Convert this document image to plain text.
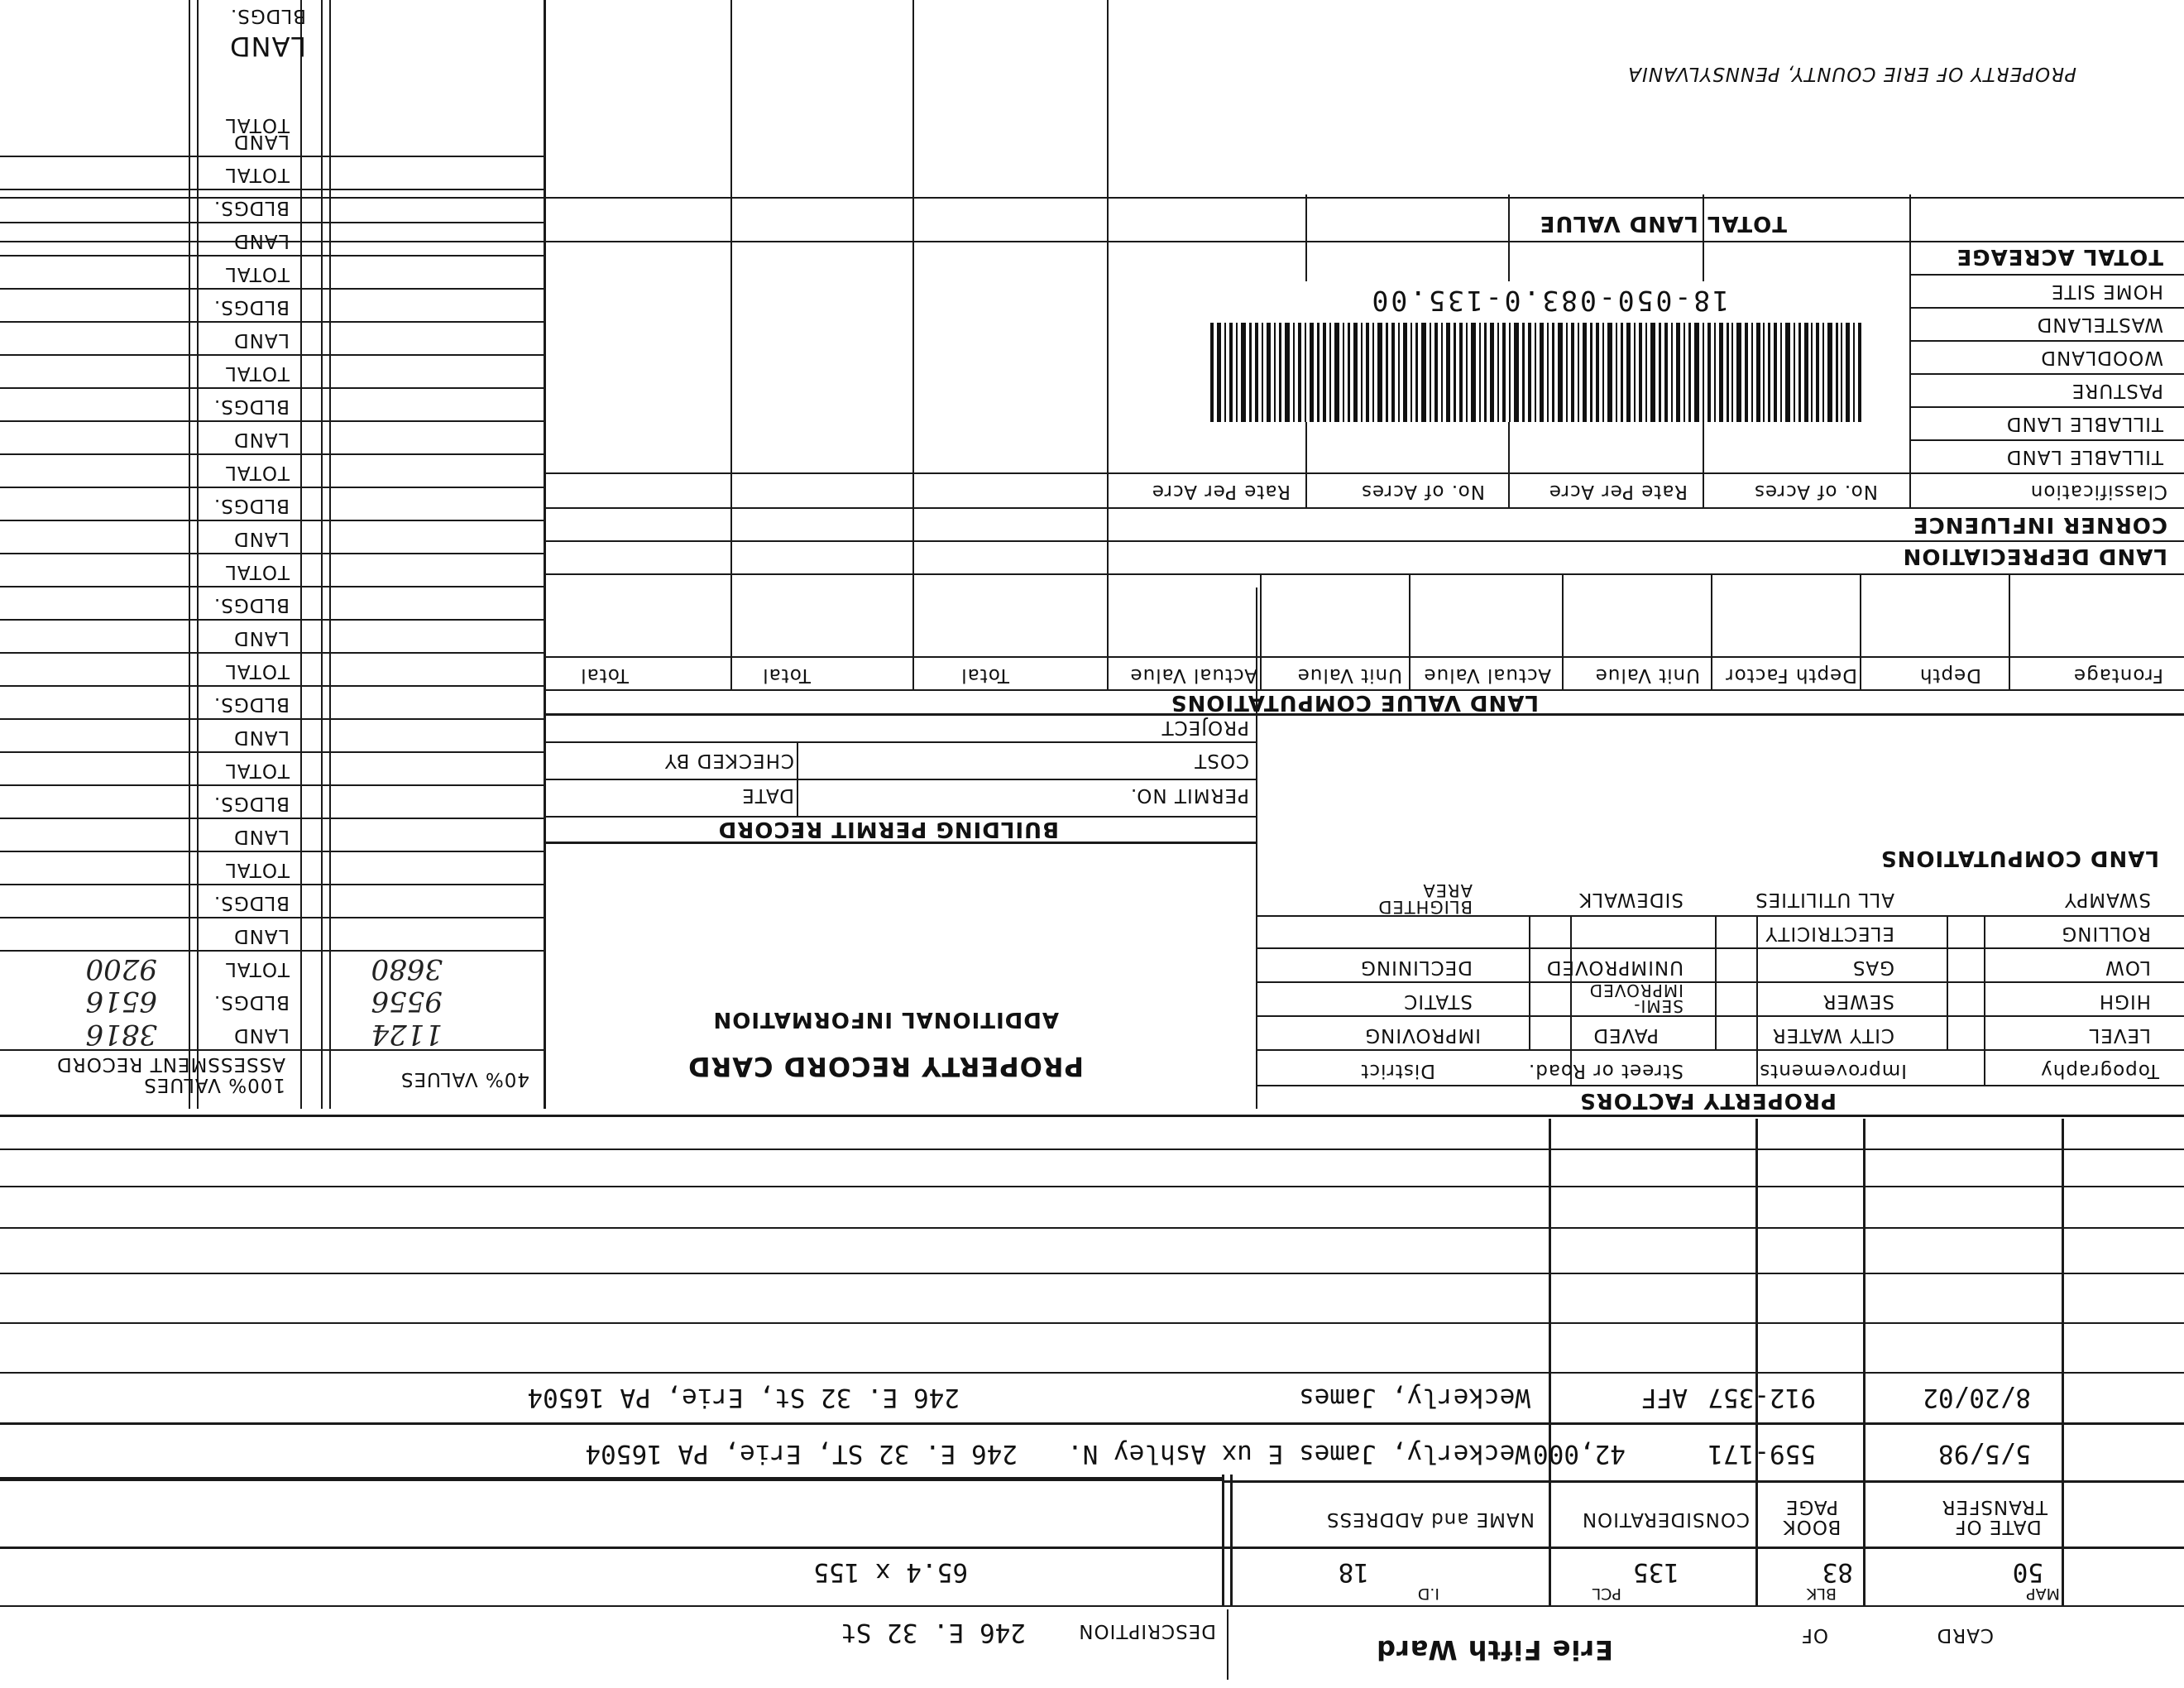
Erie Fifth Ward	CARD
OF
DESCRIPTION
246 E. 32 St
PROPERTY OF ERIE COUNTY, PENNSYLVANIA
MAP
50
BLK
83
PCL
135
I.D
18
65.4 x 155
DATE OF TRANSFER
BOOK PAGE
CONSIDERATION
NAME and ADDRESS
5/5/98
559-171
42,000
Weckerly, James E ux Ashley N.
246 E. 32 ST, Erie, PA 16504
8/20/02
912-357
AFF
Weckerly, James
246 E. 32 St, Erie, PA 16504
PROPERTY FACTORS
Topography
Improvements
Street or Road.
District
LEVEL
HIGH
LOW
ROLLING
SWAMPY
CITY WATER
SEWER
GAS
ELECTRICITY
ALL UTILITIES
PAVED
SEMI-IMPROVED
UNIMPROVED
SIDEWALK
IMPROVING
STATIC
DECLINING
BLIGHTED AREA
LAND COMPUTATIONS
PROPERTY RECORD CARD
ADDITIONAL INFORMATION
BUILDING PERMIT RECORD
PERMIT NO.
DATE
COST
CHECKED BY
PROJECT
LAND VALUE COMPUTATIONS
Frontage
Depth
Depth Factor
Unit Value
Actual Value
Unit Value
Actual Value
Total
Total
Total
LAND DEPRECIATION
CORNER INFLUENCE
Classification
No. of Acres
Rate Per Acre
No. of Acres
Rate Per Acre
TILLABLE LAND
TILLABLE LAND
PASTURE
WOODLAND
WASTELAND
HOME SITE
TOTAL ACREAGE
TOTAL LAND VALUE
18-050-083.0-135.00
40% VALUES
100% VALUES
ASSESSMENT RECORD
LAND
BLDGS.
TOTAL
1124
9556
3680
3816
6516
9200
LAND
BLDGS.
TOTAL
LAND
BLDGS.
TOTAL
LAND
BLDGS.
TOTAL
LAND
BLDGS.
TOTAL
LAND
BLDGS.
TOTAL
LAND
BLDGS.
TOTAL
LAND
BLDGS.
TOTAL
LAND
BLDGS.
TOTAL
LAND
TOTAL
LAND
BLDGS.
